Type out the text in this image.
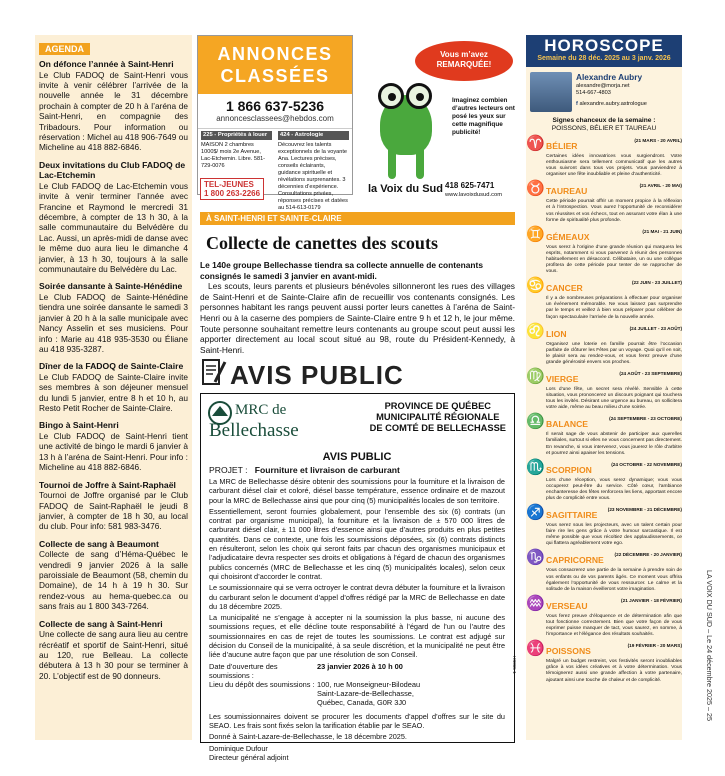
AGENDA
On défonce l’année à Saint-Henri

Le Club FADOQ de Saint-Henri vous invite à venir célébrer l’arrivée de la nouvelle année le 31 décembre prochain à compter de 20 h à l’aréna de Saint-Henri, en compagnie des Tribadours. Pour information ou réservation : Michel au 418 906-7649 ou Micheline au 418 882-6846.

Deux invitations du Club FADOQ de Lac-Etchemin

Le Club FADOQ de Lac-Etchemin vous invite à venir terminer l’année avec Francine et Raymond le mercredi 31 décembre, à compter de 13 h 30, à la salle communautaire du Belvédère du Lac. Aussi, un après-midi de danse avec le même duo aura lieu le dimanche 4 janvier, à 13 h 30, toujours à la salle communautaire du Belvédère du Lac.

Soirée dansante à Sainte-Hénédine

Le Club FADOQ de Sainte-Hénédine tiendra une soirée dansante le samedi 3 janvier à 20 h à la salle municipale avec Nancy Asselin et ses musiciens. Pour info : Marie au 418 935-3530 ou Éliane au 418 935-3287.

Dîner de la FADOQ de Sainte-Claire

Le Club FADOQ de Sainte-Claire invite ses membres à son déjeuner mensuel du lundi 5 janvier, entre 8 h et 10 h, au Resto Petit Rocher de Sainte-Claire.

Bingo à Saint-Henri

Le Club FADOQ de Saint-Henri tient une activité de bingo le mardi 6 janvier à 13 h à l’aréna de Saint-Henri. Pour info : Micheline au 418 882-6846.

Tournoi de Joffre à Saint-Raphaël

Tournoi de Joffre organisé par le Club FADOQ de Saint-Raphaël le jeudi 8 janvier, à compter de 18 h 30, au local du club. Pour info: 581 983-3476.

Collecte de sang à Beaumont

Collecte de sang d’Héma-Québec le vendredi 9 janvier 2026 à la salle paroissiale de Beaumont (58, chemin du Domaine), de 14 h à 19 h 30. Sur rendez-vous au hema-quebec.ca ou sans frais au 1 800 343-7264.

Collecte de sang à Saint-Henri

Une collecte de sang aura lieu au centre récréatif et sportif de Saint-Henri, situé au 120, rue Belleau. La collecte débutera à 13 h 30 pour se terminer à 20. L’objectif est de 90 donneurs.

ANNONCES
CLASSÉES
1 866 637-5236
annoncesclassees@hebdos.com
225 - Propriétés à louer
MAISON 2 chambres 1000$/ mois 2e Avenue, Lac-Etchemin. Libre. 581-729-0076
424 - Astrologie
Découvrez les talents exceptionnels de la voyante Ana. Lectures précises, conseils éclairants, guidance spirituelle et révélations surprenantes. 3 décennies d’expérience. Consultations privées, réponses précises et datées au 514-613-0179
TEL-JEUNES
1 800 263-2266
Vous m’avez
REMARQUÉE!
Imaginez combien d’autres lecteurs ont posé les yeux sur cette magnifique publicité!
la Voix du Sud 418 625-7471
www.lavoixdusud.com
À SAINT-HENRI ET SAINTE-CLAIRE
Collecte de canettes des scouts
Le 140e groupe Bellechasse tiendra sa collecte annuelle de contenants consignés le samedi 3 janvier en avant-midi.

Les scouts, leurs parents et plusieurs bénévoles sillonneront les rues des villages de Saint-Henri et de Sainte-Claire afin de recueillir vos contenants consignés. Les personnes habitant les rangs peuvent aussi porter leurs canettes à l’aréna de Saint-Henri ou à la caserne des pompiers de Sainte-Claire entre 9 h et 12 h, le jour même. Toute personne souhaitant remettre leurs contenants au groupe scout peut aussi les apporter directement au local scout situé au 98, route du Président-Kennedy, à Saint-Henri.

AVIS PUBLIC
MRC de
Bellechasse
PROVINCE DE QUÉBEC
MUNICIPALITÉ RÉGIONALE
DE COMTÉ DE BELLECHASSE
AVIS PUBLIC
PROJET : Fourniture et livraison de carburant

La MRC de Bellechasse désire obtenir des soumissions pour la fourniture et la livraison de carburant diésel clair et coloré, diésel basse température, essence ordinaire et de mazout pour la MRC de Bellechasse ainsi que pour cinq (5) municipalités locales de son territoire.

Essentiellement, seront fournies globalement, pour l’ensemble des six (6) contrats (un contrat par organisme municipal), la fourniture et la livraison de ± 570 000 litres de carburant diésel clair, ± 11 000 litres d’essence ainsi que d’autres produits en plus petites quantités. Dans ce contexte, une fois les soumissions déposées, six (6) contrats distincts en résulteront, selon les choix qui seront faits par chacun des organismes municipaux et l’adjudicataire devra respecter ses droits et obligations à l’égard de chacun des organismes publics concernés (MRC de Bellechasse et les cinq (5) municipalités locales), selon ceux qui choisiront d’accorder le contrat.

Le soumissionnaire qui se verra octroyer le contrat devra débuter la fourniture et la livraison du carburant selon le document d’appel d’offres rédigé par la MRC de Bellechasse en date du 18 décembre 2025.

La municipalité ne s’engage à accepter ni la soumission la plus basse, ni aucune des soumissions reçues, et elle décline toute responsabilité à l’égard de l’un ou l’autre des soumissionnaires en cas de rejet de toutes les soumissions. Le contrat est adjugé sur décision du Conseil de la municipalité, à sa seule discrétion, et la municipalité ne peut être liée d’aucune autre façon que par une résolution de son Conseil.

Date d’ouverture des soumissions :
23 janvier 2026 à 10 h 00
Lieu du dépôt des soumissions : 100, rue Monseigneur-Bilodeau
Saint-Lazare-de-Bellechasse,
Québec, Canada, G0R 3J0

Les soumissionnaires doivent se procurer les documents d’appel d’offres sur le site du SEAO. Les frais sont fixés selon la tarification établie par le SEAO.

Donné à Saint-Lazare-de-Bellechasse, le 18 décembre 2025.

Dominique Dufour

Directeur général adjoint

HS865-1
HOROSCOPE
Semaine du 28 déc. 2025 au 3 janv. 2026
Alexandre Aubry
alexandre@morja.net
514-667-4803
f alexandre.aubry.astrologue
Signes chanceux de la semaine :
POISSONS, BÉLIER ET TAUREAU
♈ BÉLIER
(21 MARS - 20 AVRIL)
Certaines idées innovatrices vous surgiendront. Votre enthousiasme sera tellement communicatif que les autres vous suivront dans tous vos projets. Vous parviendrez à organiser une fête inoubliable et pleine d’authenticité.
♉ TAUREAU
(21 AVRIL - 20 MAI)
Cette période pourrait offrir un moment propice à la réflexion et à l’introspection. Vous aurez l’opportunité de reconsidérer vos réussites et vos échecs, tout en assurant votre élan à une forme de spiritualité plus profonde.
♊ GÉMEAUX
(21 MAI - 21 JUIN)
Vous serez à l’origine d’une grande réunion qui marquera les esprits, notamment si vous parvenez à réunir des personnes habituellement en désaccord. Célibataire, un ou une collègue profitera de cette période pour tenter de se rapprocher de vous.
♋ CANCER
(22 JUIN - 23 JUILLET)
Il y a de nombreuses préparations à effectuer pour organiser un événement mémorable. Ne vous laissez pas surprendre par le temps et veillez à bien vous préparer pour célébrer de façon spectaculaire l’arrivée de la nouvelle année.
♌ LION
(24 JUILLET - 23 AOÛT)
Organisez une loterie en famille pourrait être l’occasion parfaite de clôturer les Fêtes par un voyage. Quoi qu’il en soit, le plaisir sera au rendez-vous, et vous ferez preuve d’une grande générosité envers vos proches.
♍ VIERGE
(24 AOÛT - 23 SEPTEMBRE)
Lors d’une fête, un secret sera révélé. Sensible à cette situation, vous prononcerez un discours poignant qui touchera tous les invités. Désirant une urgence au bureau, on sollicitera votre aide, même au beau milieu d’une soirée.
♎ BALANCE
(24 SEPTEMBRE - 23 OCTOBRE)
Il serait sage de vous abstenir de participer aux querelles familiales, surtout si elles ne vous concernent pas directement. En revanche, si vous intervenez, vous jouerez le rôle d’arbitre et pourrez ainsi apaiser les tensions.
♏ SCORPION
(24 OCTOBRE - 22 NOVEMBRE)
Lors d’une réception, vous serez dynamique; vous vous occuperez peut-être du service. Côté cœur, l’ambiance enchanteresse des fêtes renforcera les liens, apportant encore plus de complicité entre vous.
♐ SAGITTAIRE
(23 NOVEMBRE - 21 DÉCEMBRE)
Vous serez sous les projecteurs, avec un talent certain pour faire rire les gens grâce à votre humour sarcastique. Il est même possible que vous récoltiez des applaudissements, ce qui flattera agréablement votre ego.
♑ CAPRICORNE
(22 DÉCEMBRE - 20 JANVIER)
Vous consacrerez une partie de la semaine à prendre soin de vos enfants ou de vos parents âgés. Ce moment vous offrira également l’opportunité de vous ressourcer. Le calme et la solitude de la maison éveilleront votre imagination.
♒ VERSEAU
(21 JANVIER - 18 FÉVRIER)
Vous ferez preuve d’éloquence et de détermination afin que tout fonctionne correctement. Bien que votre façon de vous exprimer puisse manquer de tact, vous saurez, en somme, à l’importance et l’élégance des résultats souhaités.
♓ POISSONS
(19 FÉVRIER - 20 MARS)
Malgré un budget restreint, vos festivités seront inoubliables grâce à vos idées créatives et à votre détermination. Vous témoignerez aussi une grande affection à votre partenaire, ajoutant ainsi une touche de chaleur et de complicité.	LA VOIX DU SUD – Le 24 décembre 2025 – 25
